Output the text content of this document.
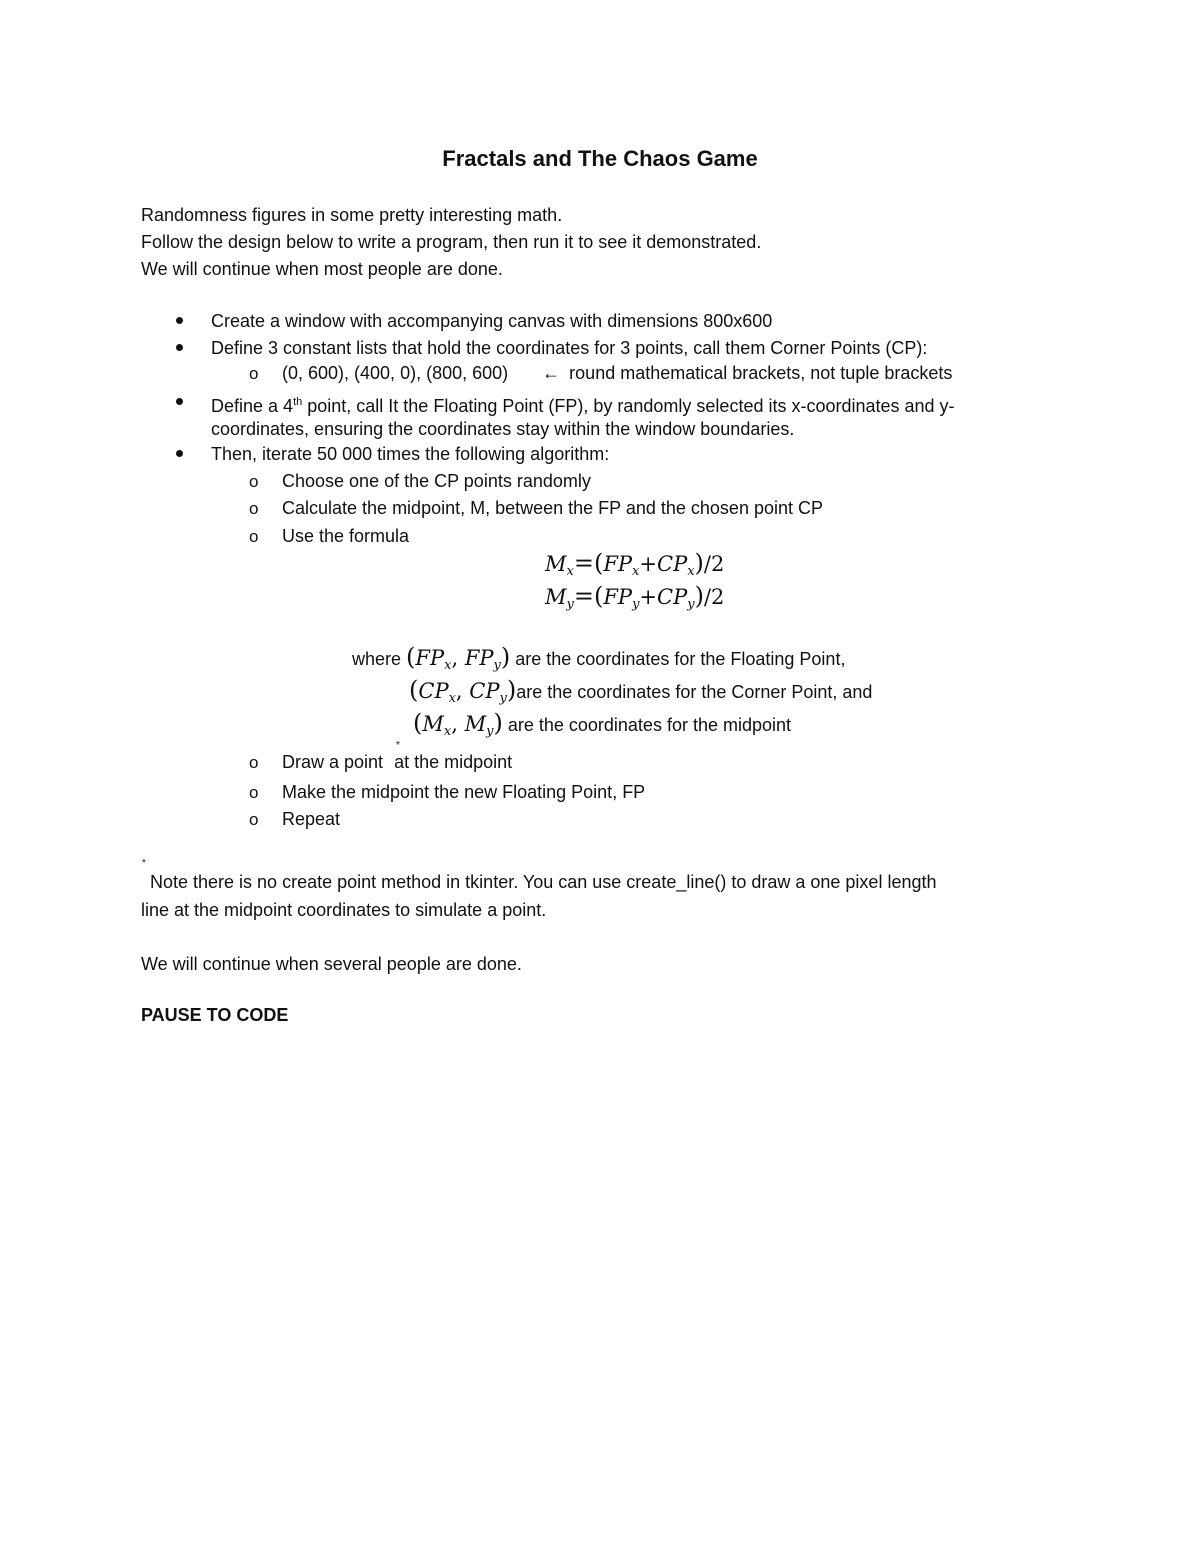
Fractals and The Chaos Game
Randomness figures in some pretty interesting math.
Follow the design below to write a program, then run it to see it demonstrated.
We will continue when most people are done.
Create a window with accompanying canvas with dimensions 800x600
Define 3 constant lists that hold the coordinates for 3 points, call them Corner Points (CP):
o (0, 600), (400, 0), (800, 600) ← round mathematical brackets, not tuple brackets
Define a 4th point, call It the Floating Point (FP), by randomly selected its x-coordinates and y-
coordinates, ensuring the coordinates stay within the window boundaries.
Then, iterate 50 000 times the following algorithm:
o Choose one of the CP points randomly
o Calculate the midpoint, M, between the FP and the chosen point CP
o Use the formula
$M_x=(FP_x+CP_x)/2$
$M_y=(FP_y+CP_y)/2$
where ($FP_x$, $FP_y$) are the coordinates for the Floating Point,
($CP_x$, $CP_y)are$ the coordinates for the Corner Point, and
($M_x$, $M_y$) are the coordinates for the midpoint
*
o Draw a point at the midpoint
o Make the midpoint the new Floating Point, FP
o Repeat
*
Note there is no create point method in tkinter. You can use create_line() to draw a one pixel length
line at the midpoint coordinates to simulate a point.
We will continue when several people are done.
PAUSE TO CODE
